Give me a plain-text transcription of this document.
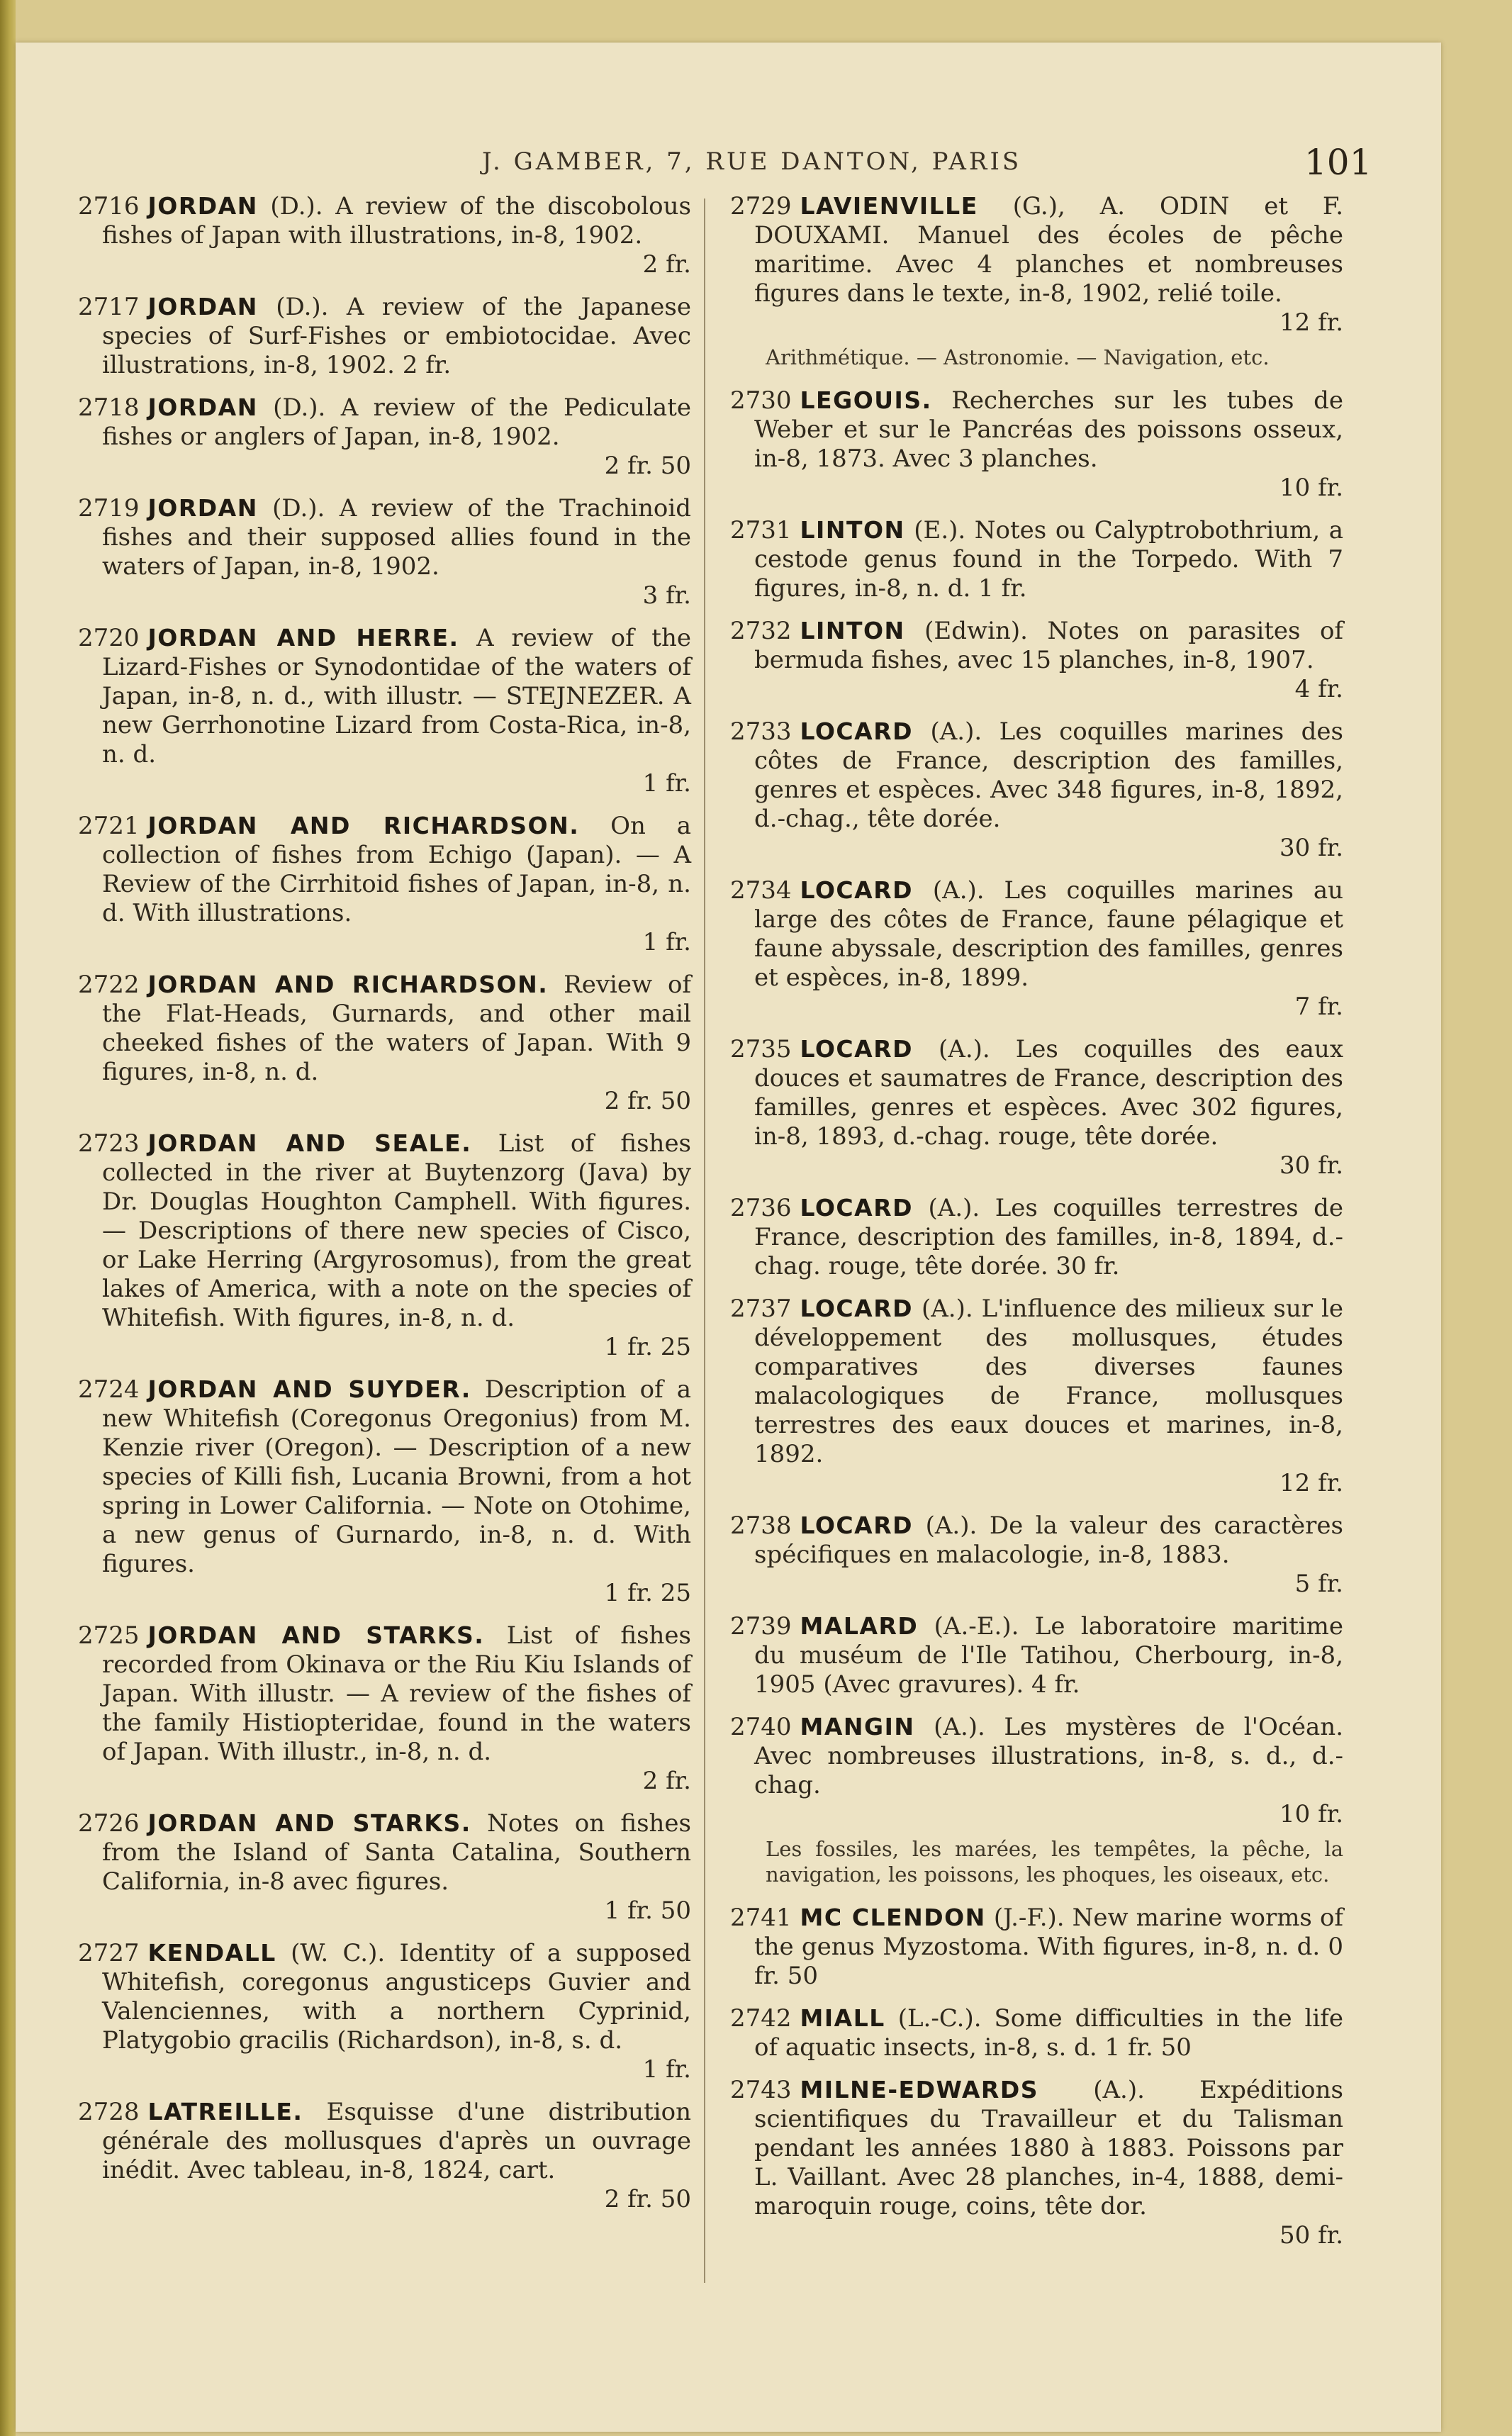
J. GAMBER, 7, RUE DANTON, PARIS	101
2716 JORDAN (D.). A review of the discobolous fishes of Japan with illustrations, in-8, 1902.
2 fr.
2717 JORDAN (D.). A review of the Japanese species of Surf-Fishes or embiotocidae. Avec illustrations, in-8, 1902. 2 fr.
2718 JORDAN (D.). A review of the Pediculate fishes or anglers of Japan, in-8, 1902.
2 fr. 50
2719 JORDAN (D.). A review of the Trachinoid fishes and their supposed allies found in the waters of Japan, in-8, 1902.
3 fr.
2720 JORDAN AND HERRE. A review of the Lizard-Fishes or Synodontidae of the waters of Japan, in-8, n. d., with illustr. — STEJNEZER. A new Gerrhonotine Lizard from Costa-Rica, in-8, n. d.
1 fr.
2721 JORDAN AND RICHARDSON. On a collection of fishes from Echigo (Japan). — A Review of the Cirrhitoid fishes of Japan, in-8, n. d. With illustrations.
1 fr.
2722 JORDAN AND RICHARDSON. Review of the Flat-Heads, Gurnards, and other mail cheeked fishes of the waters of Japan. With 9 figures, in-8, n. d.
2 fr. 50
2723 JORDAN AND SEALE. List of fishes collected in the river at Buytenzorg (Java) by Dr. Douglas Houghton Camphell. With figures. — Descriptions of there new species of Cisco, or Lake Herring (Argyrosomus), from the great lakes of America, with a note on the species of Whitefish. With figures, in-8, n. d.
1 fr. 25
2724 JORDAN AND SUYDER. Description of a new Whitefish (Coregonus Oregonius) from M. Kenzie river (Oregon). — Description of a new species of Killi fish, Lucania Browni, from a hot spring in Lower California. — Note on Otohime, a new genus of Gurnardo, in-8, n. d. With figures.
1 fr. 25
2725 JORDAN AND STARKS. List of fishes recorded from Okinava or the Riu Kiu Islands of Japan. With illustr. — A review of the fishes of the family Histiopteridae, found in the waters of Japan. With illustr., in-8, n. d.
2 fr.
2726 JORDAN AND STARKS. Notes on fishes from the Island of Santa Catalina, Southern California, in-8 avec figures.
1 fr. 50
2727 KENDALL (W. C.). Identity of a supposed Whitefish, coregonus angusticeps Guvier and Valenciennes, with a northern Cyprinid, Platygobio gracilis (Richardson), in-8, s. d.
1 fr.
2728 LATREILLE. Esquisse d'une distribution générale des mollusques d'après un ouvrage inédit. Avec tableau, in-8, 1824, cart.
2 fr. 50
2729 LAVIENVILLE (G.), A. ODIN et F. DOUXAMI. Manuel des écoles de pêche maritime. Avec 4 planches et nombreuses figures dans le texte, in-8, 1902, relié toile.
12 fr.
Arithmétique. — Astronomie. — Navigation, etc.
2730 LEGOUIS. Recherches sur les tubes de Weber et sur le Pancréas des poissons osseux, in-8, 1873. Avec 3 planches.
10 fr.
2731 LINTON (E.). Notes ou Calyptrobothrium, a cestode genus found in the Torpedo. With 7 figures, in-8, n. d. 1 fr.
2732 LINTON (Edwin). Notes on parasites of bermuda fishes, avec 15 planches, in-8, 1907.
4 fr.
2733 LOCARD (A.). Les coquilles marines des côtes de France, description des familles, genres et espèces. Avec 348 figures, in-8, 1892, d.-chag., tête dorée.
30 fr.
2734 LOCARD (A.). Les coquilles marines au large des côtes de France, faune pélagique et faune abyssale, description des familles, genres et espèces, in-8, 1899.
7 fr.
2735 LOCARD (A.). Les coquilles des eaux douces et saumatres de France, description des familles, genres et espèces. Avec 302 figures, in-8, 1893, d.-chag. rouge, tête dorée.
30 fr.
2736 LOCARD (A.). Les coquilles terrestres de France, description des familles, in-8, 1894, d.-chag. rouge, tête dorée. 30 fr.
2737 LOCARD (A.). L'influence des milieux sur le développement des mollusques, études comparatives des diverses faunes malacologiques de France, mollusques terrestres des eaux douces et marines, in-8, 1892.
12 fr.
2738 LOCARD (A.). De la valeur des caractères spécifiques en malacologie, in-8, 1883.
5 fr.
2739 MALARD (A.-E.). Le laboratoire maritime du muséum de l'Ile Tatihou, Cherbourg, in-8, 1905 (Avec gravures). 4 fr.
2740 MANGIN (A.). Les mystères de l'Océan. Avec nombreuses illustrations, in-8, s. d., d.-chag.
10 fr.
Les fossiles, les marées, les tempêtes, la pêche, la navigation, les poissons, les phoques, les oiseaux, etc.
2741 MC CLENDON (J.-F.). New marine worms of the genus Myzostoma. With figures, in-8, n. d. 0 fr. 50
2742 MIALL (L.-C.). Some difficulties in the life of aquatic insects, in-8, s. d. 1 fr. 50
2743 MILNE-EDWARDS (A.). Expéditions scientifiques du Travailleur et du Talisman pendant les années 1880 à 1883. Poissons par L. Vaillant. Avec 28 planches, in-4, 1888, demi-maroquin rouge, coins, tête dor.
50 fr.
